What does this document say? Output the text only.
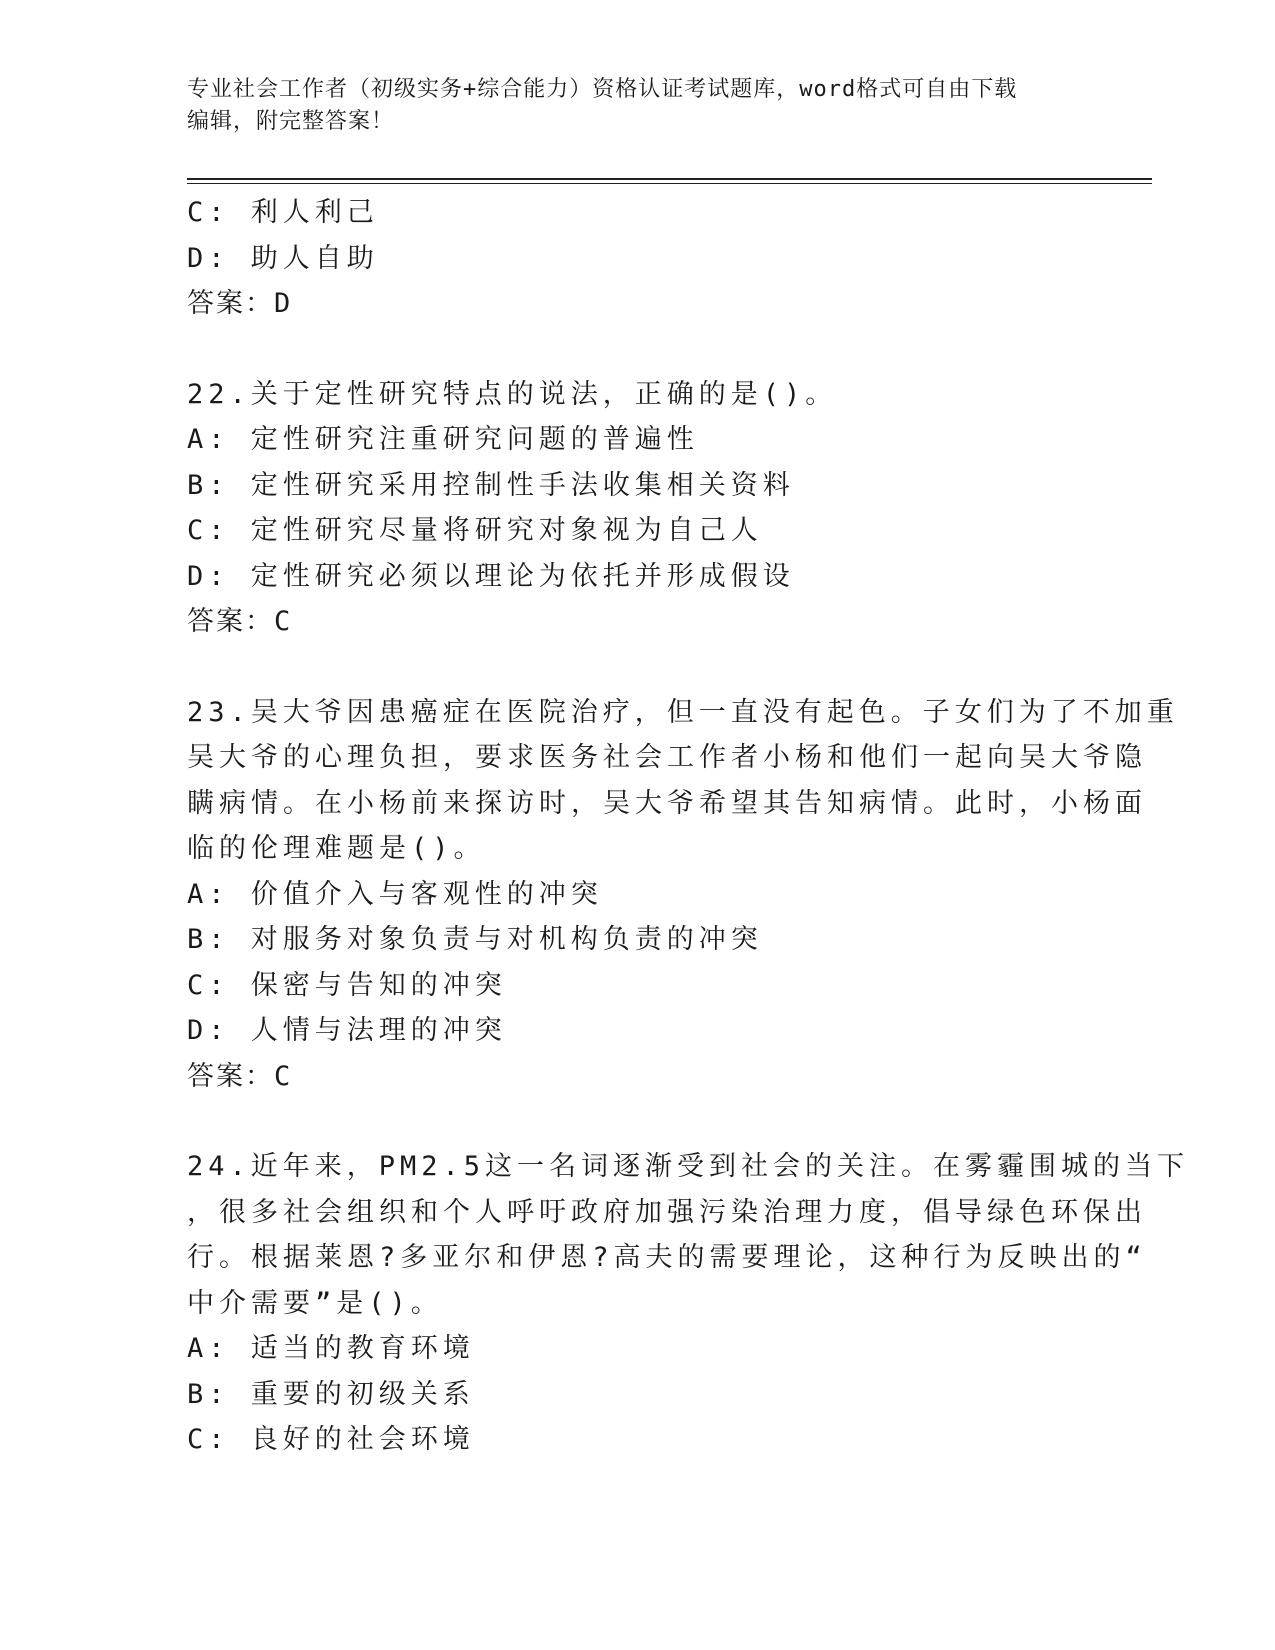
专业社会工作者（初级实务+综合能力）资格认证考试题库，word格式可自由下载
编辑，附完整答案！
C: 利人利己
D: 助人自助
答案：D
22.关于定性研究特点的说法，正确的是()。
A: 定性研究注重研究问题的普遍性
B: 定性研究采用控制性手法收集相关资料
C: 定性研究尽量将研究对象视为自己人
D: 定性研究必须以理论为依托并形成假设
答案：C
23.吴大爷因患癌症在医院治疗，但一直没有起色。子女们为了不加重
吴大爷的心理负担，要求医务社会工作者小杨和他们一起向吴大爷隐
瞒病情。在小杨前来探访时，吴大爷希望其告知病情。此时，小杨面
临的伦理难题是()。
A: 价值介入与客观性的冲突
B: 对服务对象负责与对机构负责的冲突
C: 保密与告知的冲突
D: 人情与法理的冲突
答案：C
24.近年来，PM2.5这一名词逐渐受到社会的关注。在雾霾围城的当下
，很多社会组织和个人呼吁政府加强污染治理力度，倡导绿色环保出
行。根据莱恩?多亚尔和伊恩?高夫的需要理论，这种行为反映出的“
中介需要”是()。
A: 适当的教育环境
B: 重要的初级关系
C: 良好的社会环境
